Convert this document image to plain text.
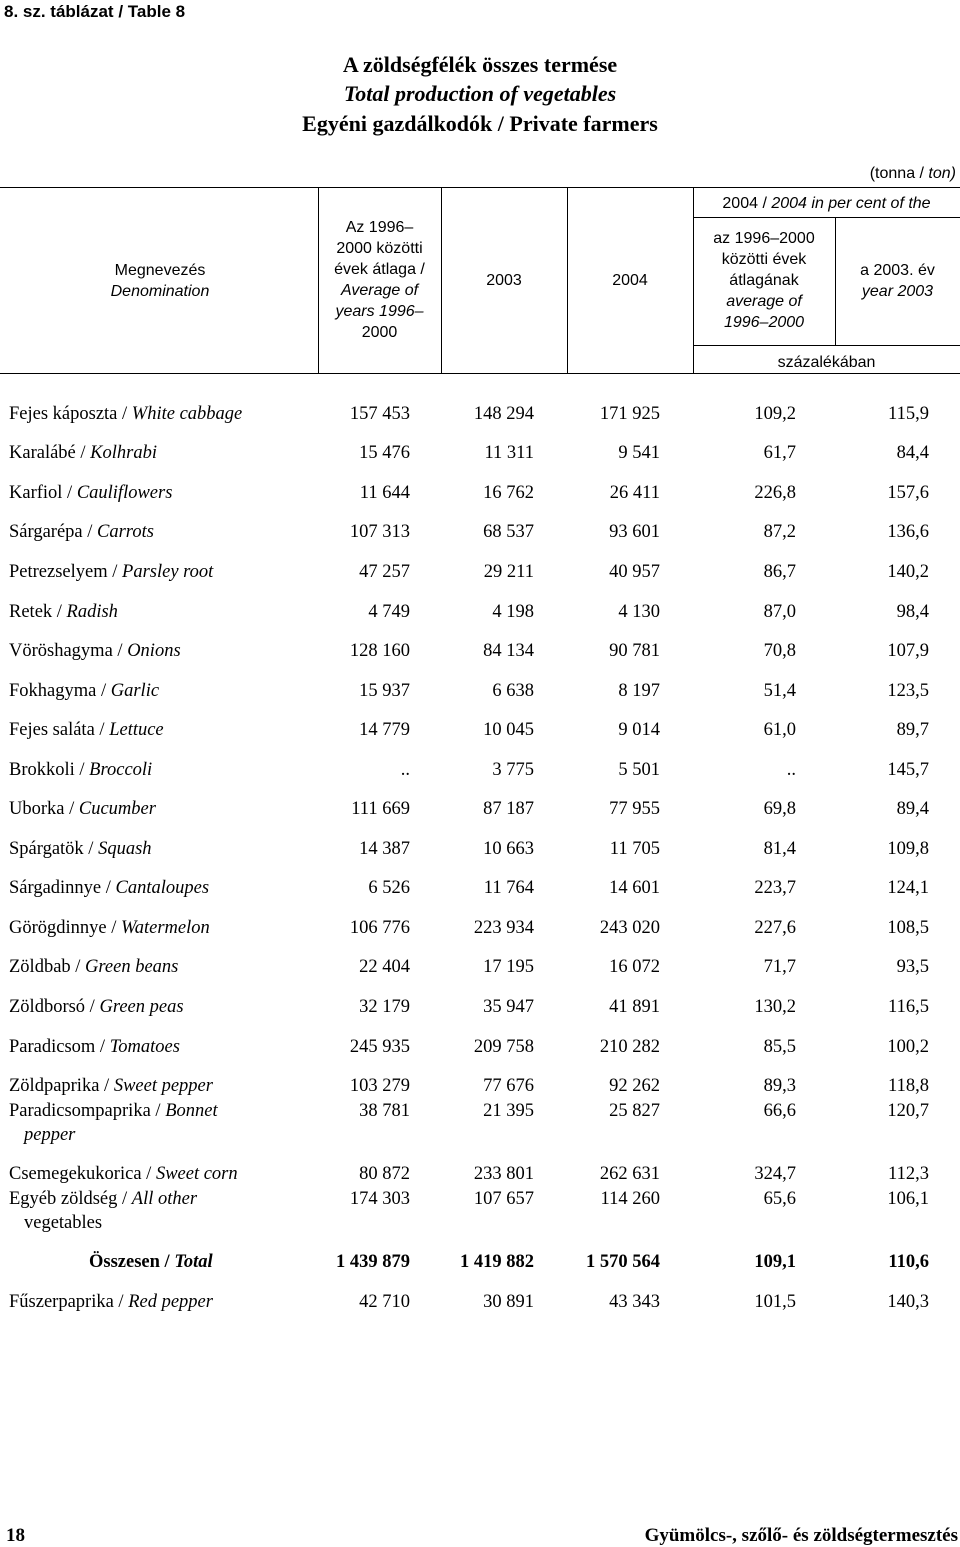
8. sz. táblázat / Table 8
A zöldségfélék összes termése
Total production of vegetables
Egyéni gazdálkodók / Private farmers
(tonna / ton)
Megnevezés
Denomination
Az 1996–
2000 közötti
évek átlaga /
Average of
years 1996–
2000
2003	2004
2004 / 2004 in per cent of the
az 1996–2000
közötti évek
átlagának
average of
1996–2000
a 2003. év
year 2003
százalékában
Fejes káposzta / White cabbage	157 453	148 294	171 925	109,2	115,9
Karalábé / Kolhrabi	15 476	11 311	9 541	61,7	84,4
Karfiol / Cauliflowers	11 644	16 762	26 411	226,8	157,6
Sárgarépa / Carrots	107 313	68 537	93 601	87,2	136,6
Petrezselyem / Parsley root	47 257	29 211	40 957	86,7	140,2
Retek / Radish	4 749	4 198	4 130	87,0	98,4
Vöröshagyma / Onions	128 160	84 134	90 781	70,8	107,9
Fokhagyma / Garlic	15 937	6 638	8 197	51,4	123,5
Fejes saláta / Lettuce	14 779	10 045	9 014	61,0	89,7
Brokkoli / Broccoli	..	3 775	5 501	..	145,7
Uborka / Cucumber	111 669	87 187	77 955	69,8	89,4
Spárgatök / Squash	14 387	10 663	11 705	81,4	109,8
Sárgadinnye / Cantaloupes	6 526	11 764	14 601	223,7	124,1
Görögdinnye / Watermelon	106 776	223 934	243 020	227,6	108,5
Zöldbab / Green beans	22 404	17 195	16 072	71,7	93,5
Zöldborsó / Green peas	32 179	35 947	41 891	130,2	116,5
Paradicsom / Tomatoes	245 935	209 758	210 282	85,5	100,2
Zöldpaprika / Sweet pepper	103 279	77 676	92 262	89,3	118,8
Paradicsompaprika / Bonnet
pepper
38 781	21 395	25 827	66,6	120,7
Csemegekukorica / Sweet corn	80 872	233 801	262 631	324,7	112,3
Egyéb zöldség / All other
vegetables
174 303	107 657	114 260	65,6	106,1
Összesen / Total	1 439 879	1 419 882	1 570 564	109,1	110,6
Fűszerpaprika / Red pepper	42 710	30 891	43 343	101,5	140,3
18	Gyümölcs-, szőlő- és zöldségtermesztés
